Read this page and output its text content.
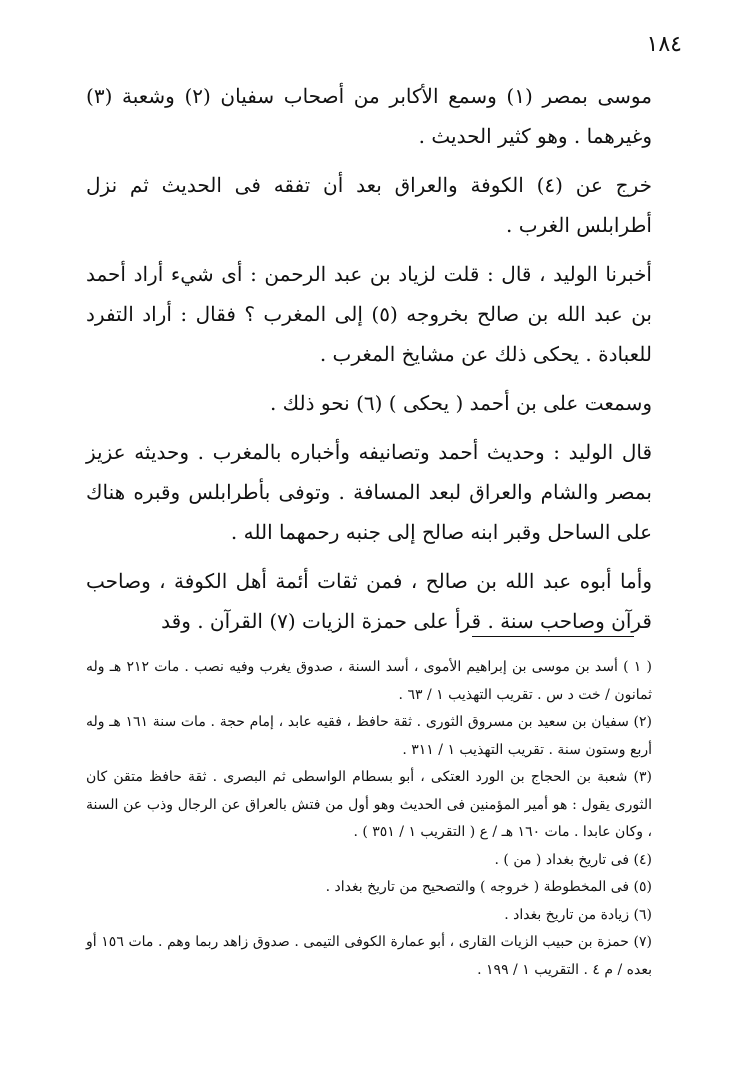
١٨٤

موسى بمصر (١) وسمع الأكابر من أصحاب سفيان (٢) وشعبة (٣) وغيرهما . وهو كثير الحديث .

خرج عن (٤) الكوفة والعراق بعد أن تفقه فى الحديث ثم نزل أطرابلس الغرب .

أخبرنا الوليد ، قال : قلت لزياد بن عبد الرحمن : أى شيء أراد أحمد بن عبد الله بن صالح بخروجه (٥) إلى المغرب ؟ فقال : أراد التفرد للعبادة . يحكى ذلك عن مشايخ المغرب .

وسمعت على بن أحمد ( يحكى ) (٦) نحو ذلك .

قال الوليد : وحديث أحمد وتصانيفه وأخباره بالمغرب . وحديثه عزيز بمصر والشام والعراق لبعد المسافة . وتوفى بأطرابلس وقبره هناك على الساحل وقبر ابنه صالح إلى جنبه رحمهما الله .

وأما أبوه عبد الله بن صالح ، فمن ثقات أئمة أهل الكوفة ، وصاحب قرآن وصاحب سنة . قرأ على حمزة الزيات (٧) القرآن . وقد

( ١ ) أسد بن موسى بن إبراهيم الأموى ، أسد السنة ، صدوق يغرب وفيه نصب . مات ٢١٢ هـ وله ثمانون / خت د س . تقريب التهذيب ١ / ٦٣ .

(٢) سفيان بن سعيد بن مسروق الثورى . ثقة حافظ ، فقيه عابد ، إمام حجة . مات سنة ١٦١ هـ وله أربع وستون سنة . تقريب التهذيب ١ / ٣١١ .

(٣) شعبة بن الحجاج بن الورد العتكى ، أبو بسطام الواسطى ثم البصرى . ثقة حافظ متقن كان الثورى يقول : هو أمير المؤمنين فى الحديث وهو أول من فتش بالعراق عن الرجال وذب عن السنة ، وكان عابدا . مات ١٦٠ هـ / ع ( التقريب ١ / ٣٥١ ) .

(٤) فى تاريخ بغداد ( من ) .

(٥) فى المخطوطة ( خروجه ) والتصحيح من تاريخ بغداد .

(٦) زيادة من تاريخ بغداد .

(٧) حمزة بن حبيب الزيات القارى ، أبو عمارة الكوفى التيمى . صدوق زاهد ربما وهم . مات ١٥٦ أو بعده / م ٤ . التقريب ١ / ١٩٩ .
